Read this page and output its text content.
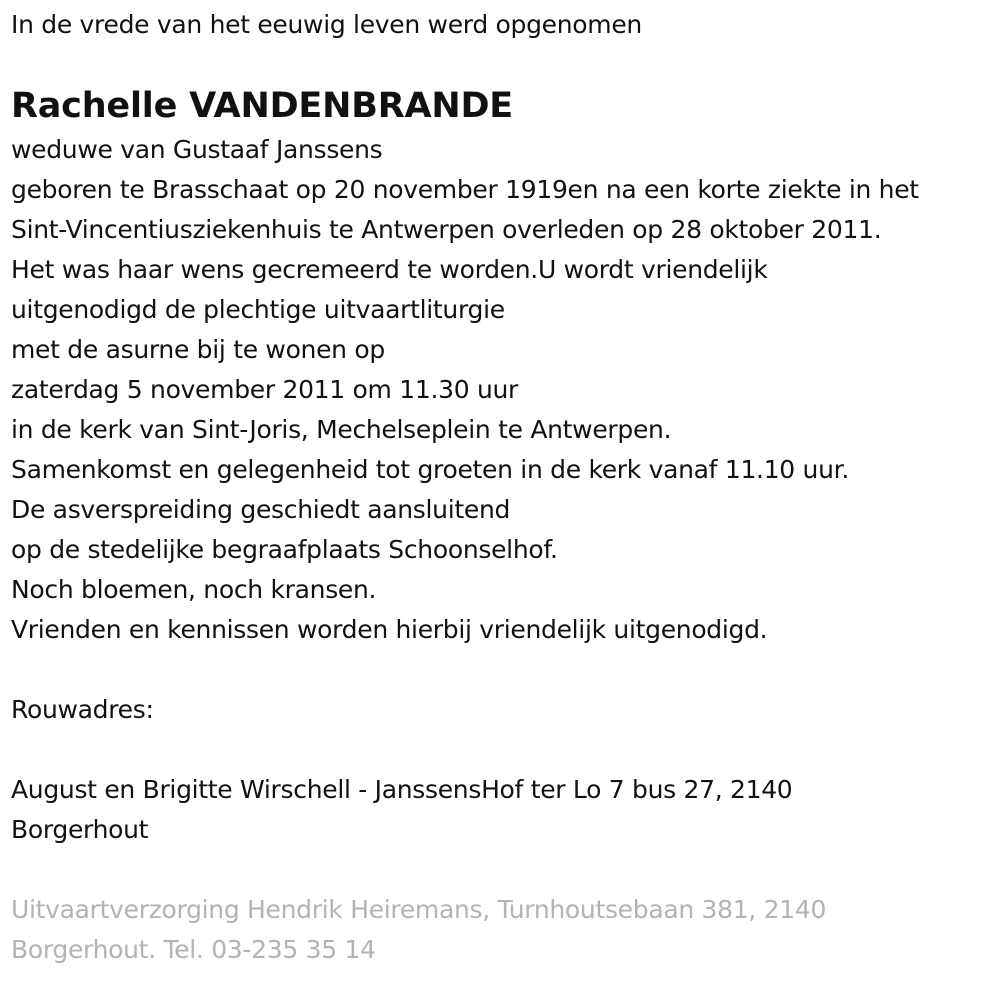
In de vrede van het eeuwig leven werd opgenomen
Rachelle VANDENBRANDE
weduwe van Gustaaf Janssens
geboren te Brasschaat op 20 november 1919en na een korte ziekte in het
Sint-Vincentiusziekenhuis te Antwerpen overleden op 28 oktober 2011.
Het was haar wens gecremeerd te worden.U wordt vriendelijk
uitgenodigd de plechtige uitvaartliturgie
met de asurne bij te wonen op
zaterdag 5 november 2011 om 11.30 uur
in de kerk van Sint-Joris, Mechelseplein te Antwerpen.
Samenkomst en gelegenheid tot groeten in de kerk vanaf 11.10 uur.
De asverspreiding geschiedt aansluitend
op de stedelijke begraafplaats Schoonselhof.
Noch bloemen, noch kransen.
Vrienden en kennissen worden hierbij vriendelijk uitgenodigd.
Rouwadres:
August en Brigitte Wirschell - JanssensHof ter Lo 7 bus 27, 2140
Borgerhout
Uitvaartverzorging Hendrik Heiremans, Turnhoutsebaan 381, 2140
Borgerhout. Tel. 03-235 35 14
